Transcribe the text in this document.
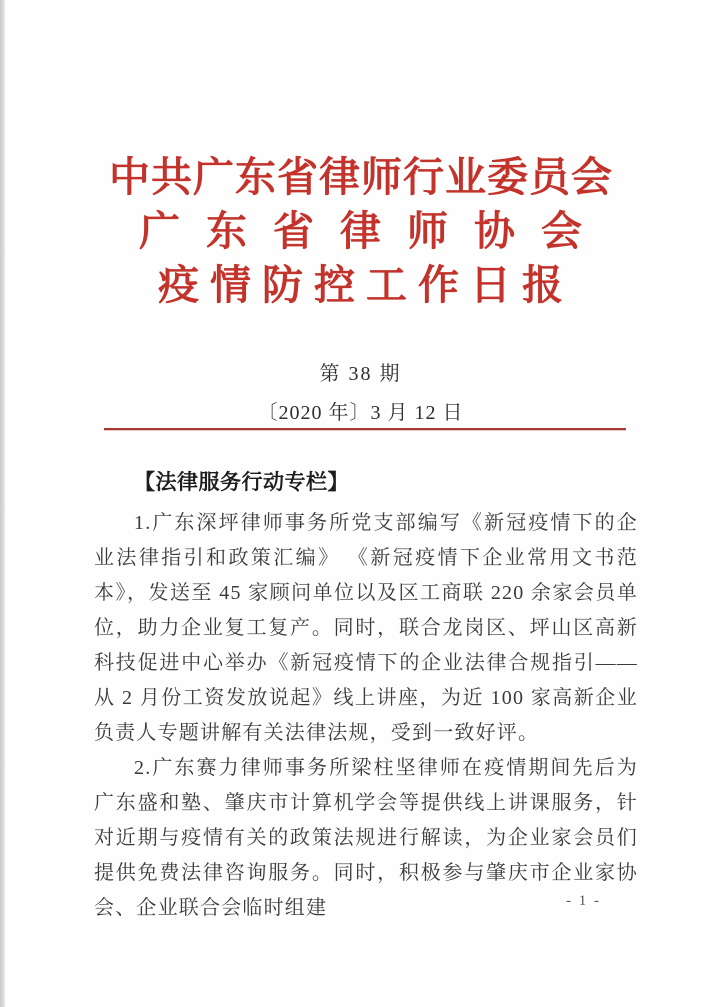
中共广东省律师行业委员会
广东省律师协会
疫情防控工作日报
第 38 期
〔2020 年〕3 月 12 日
【法律服务行动专栏】

1.广东深坪律师事务所党支部编写《新冠疫情下的企业法律指引和政策汇编》 《新冠疫情下企业常用文书范本》，发送至 45 家顾问单位以及区工商联 220 余家会员单位，助力企业复工复产。同时，联合龙岗区、坪山区高新科技促进中心举办《新冠疫情下的企业法律合规指引——从 2 月份工资发放说起》线上讲座，为近 100 家高新企业负责人专题讲解有关法律法规，受到一致好评。

2.广东赛力律师事务所梁柱坚律师在疫情期间先后为广东盛和塾、肇庆市计算机学会等提供线上讲课服务，针对近期与疫情有关的政策法规进行解读，为企业家会员们提供免费法律咨询服务。同时，积极参与肇庆市企业家协会、企业联合会临时组建	- 1 -
